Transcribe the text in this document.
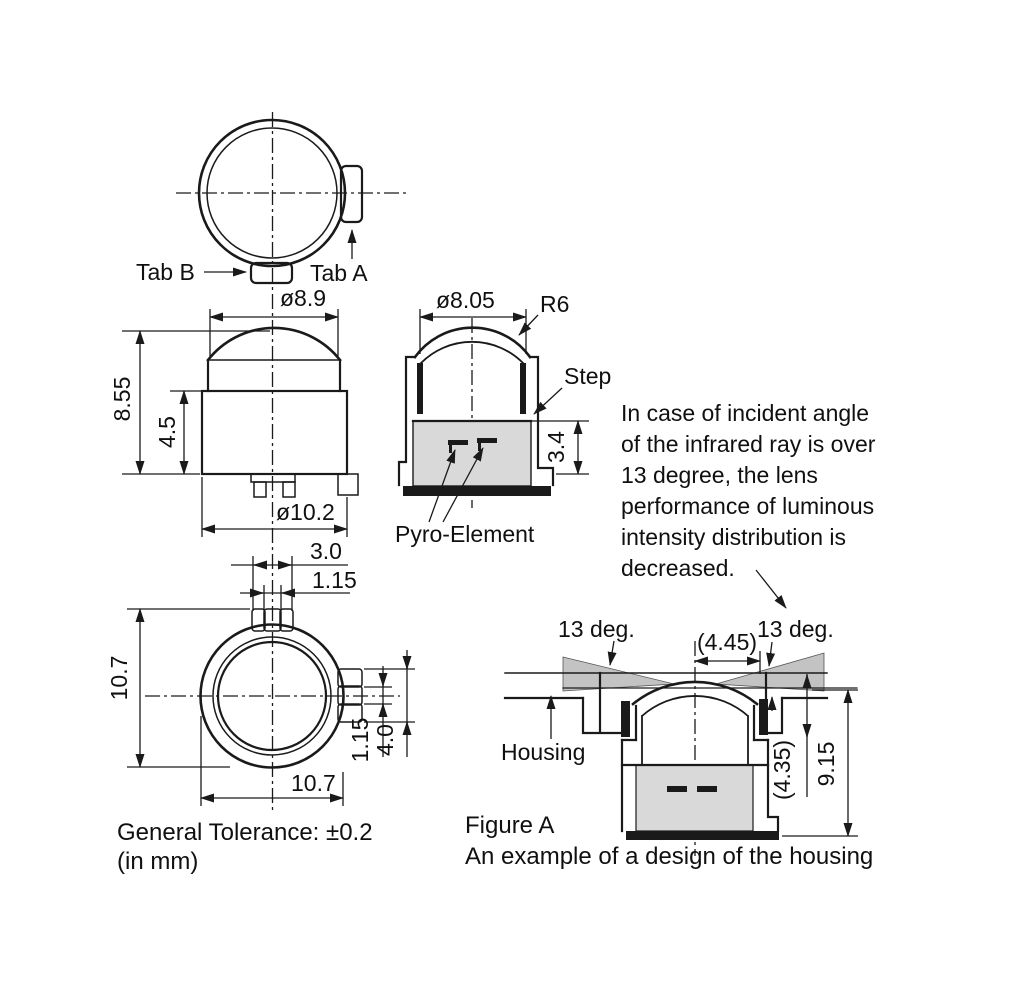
Tab B	Tab A
ø8.9
8.55
4.5
ø10.2
ø8.05 R6
Step
3.4
Pyro-Element
In case of incident angle
of the infrared ray is over
13 degree, the lens
performance of luminous
intensity distribution is
decreased.
3.0
1.15
10.7
10.7
1.15 4.0
(4.45)
13 deg.	13 deg.
Housing	(4.35) 9.15
Figure A
An example of a design of the housing
General Tolerance: ±0.2
(in mm)
